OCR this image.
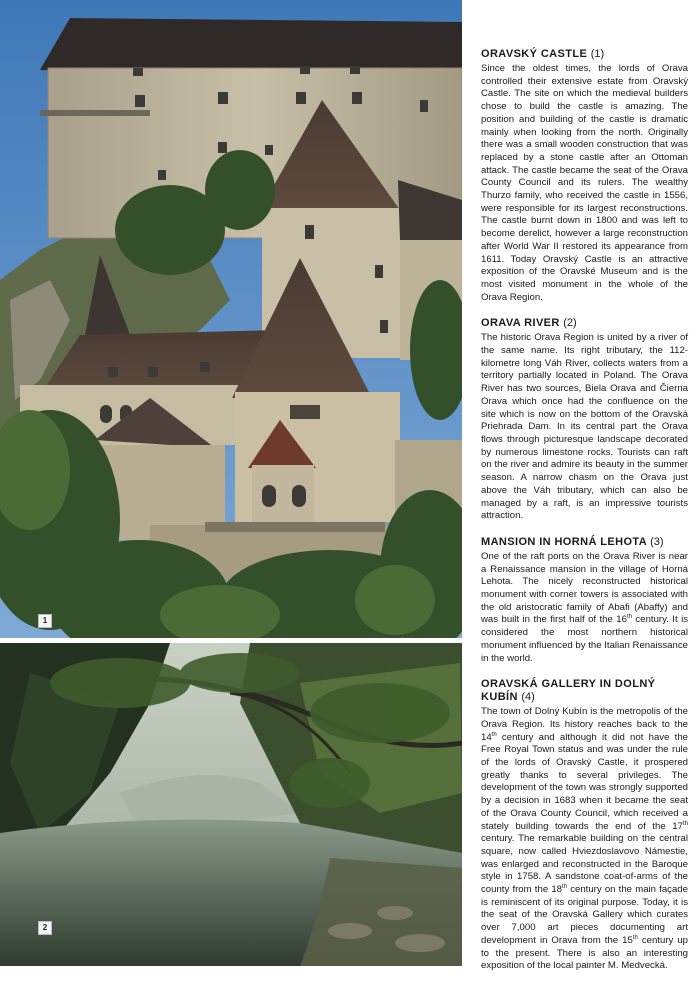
1
2
ORAVSKÝ CASTLE (1)

Since the oldest times, the lords of Orava controlled their extensive estate from Oravský Castle. The site on which the medieval builders chose to build the castle is amazing. The position and building of the castle is dramatic mainly when looking from the north. Originally there was a small wooden construction that was replaced by a stone castle after an Ottoman attack. The castle became the seat of the Orava County Council and its rulers. The wealthy Thurzo family, who received the castle in 1556, were responsible for its largest reconstructions. The castle burnt down in 1800 and was left to become derelict, however a large reconstruction after World War II restored its appearance from 1611. Today Oravský Castle is an attractive exposition of the Oravské Museum and is the most visited monument in the whole of the Orava Region.

ORAVA RIVER (2)

The historic Orava Region is united by a river of the same name. Its right tributary, the 112-kilometre long Váh River, collects waters from a territory partially located in Poland. The Orava River has two sources, Biela Orava and Čierna Orava which once had the confluence on the site which is now on the bottom of the Oravská Priehrada Dam. In its central part the Orava flows through picturesque landscape decorated by numerous limestone rocks. Tourists can raft on the river and admire its beauty in the summer season. A narrow chasm on the Orava just above the Váh tributary, which can also be managed by a raft, is an impressive tourists attraction.

MANSION IN HORNÁ LEHOTA (3)

One of the raft ports on the Orava River is near a Renaissance mansion in the village of Horná Lehota. The nicely reconstructed historical monument with corner towers is associated with the old aristocratic family of Abafi (Abaffy) and was built in the first half of the 16th century. It is considered the most northern historical monument influenced by the Italian Renaissance in the world.

ORAVSKÁ GALLERY IN DOLNÝ KUBÍN (4)

The town of Dolný Kubín is the metropolis of the Orava Region. Its history reaches back to the 14th century and although it did not have the Free Royal Town status and was under the rule of the lords of Oravský Castle, it prospered greatly thanks to several privileges. The development of the town was strongly supported by a decision in 1683 when it became the seat of the Orava County Council, which received a stately building towards the end of the 17th century. The remarkable building on the central square, now called Hviezdoslavovo Námestie, was enlarged and reconstructed in the Baroque style in 1758. A sandstone coat-of-arms of the county from the 18th century on the main façade is reminiscent of its original purpose. Today, it is the seat of the Oravská Gallery which curates over 7,000 art pieces documenting art development in Orava from the 15th century up to the present. There is also an interesting exposition of the local painter M. Medvecká.
